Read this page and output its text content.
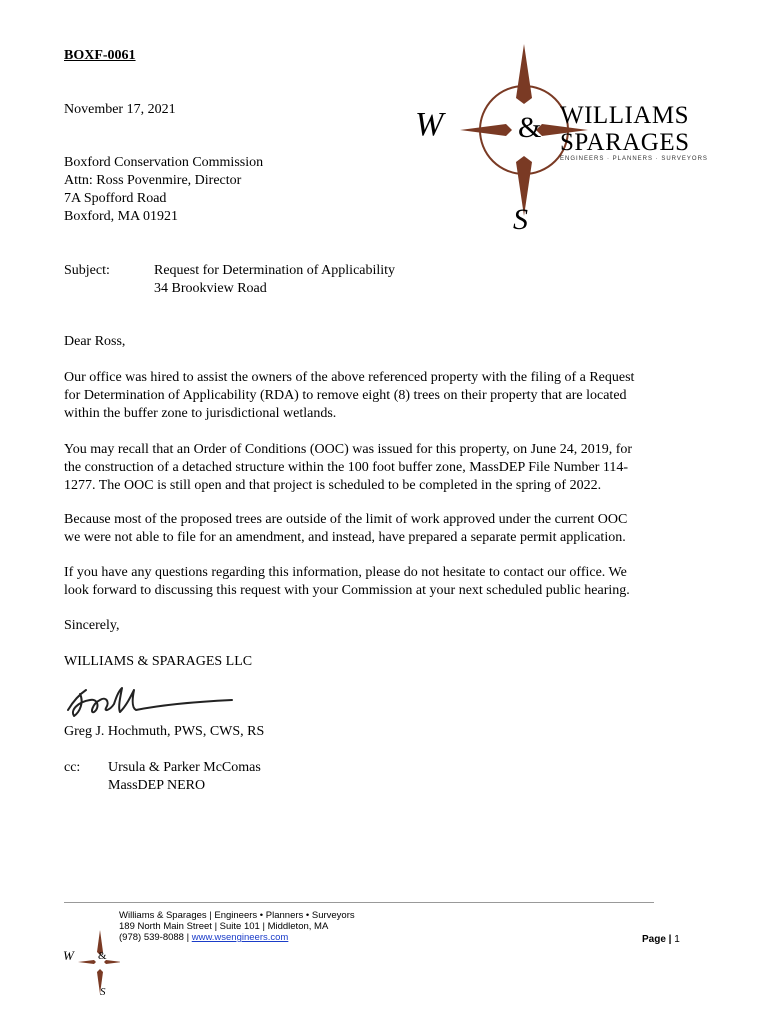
W &
S
WILLIAMS
SPARAGES
ENGINEERS · PLANNERS · SURVEYORS
BOXF-0061
November 17, 2021
Boxford Conservation Commission
Attn: Ross Povenmire, Director
7A Spofford Road
Boxford, MA 01921
Subject:	Request for Determination of Applicability
34 Brookview Road
Dear Ross,
Our office was hired to assist the owners of the above referenced property with the filing of a Request
for Determination of Applicability (RDA) to remove eight (8) trees on their property that are located
within the buffer zone to jurisdictional wetlands.
You may recall that an Order of Conditions (OOC) was issued for this property, on June 24, 2019, for
the construction of a detached structure within the 100 foot buffer zone, MassDEP File Number 114-
1277. The OOC is still open and that project is scheduled to be completed in the spring of 2022.
Because most of the proposed trees are outside of the limit of work approved under the current OOC
we were not able to file for an amendment, and instead, have prepared a separate permit application.
If you have any questions regarding this information, please do not hesitate to contact our office. We
look forward to discussing this request with your Commission at your next scheduled public hearing.
Sincerely,
WILLIAMS & SPARAGES LLC
Greg J. Hochmuth, PWS, CWS, RS
cc: Ursula & Parker McComas
MassDEP NERO
W &
S
Williams & Sparages | Engineers • Planners • Surveyors
189 North Main Street | Suite 101 | Middleton, MA
(978) 539-8088 | www.wsengineers.com	Page | 1
